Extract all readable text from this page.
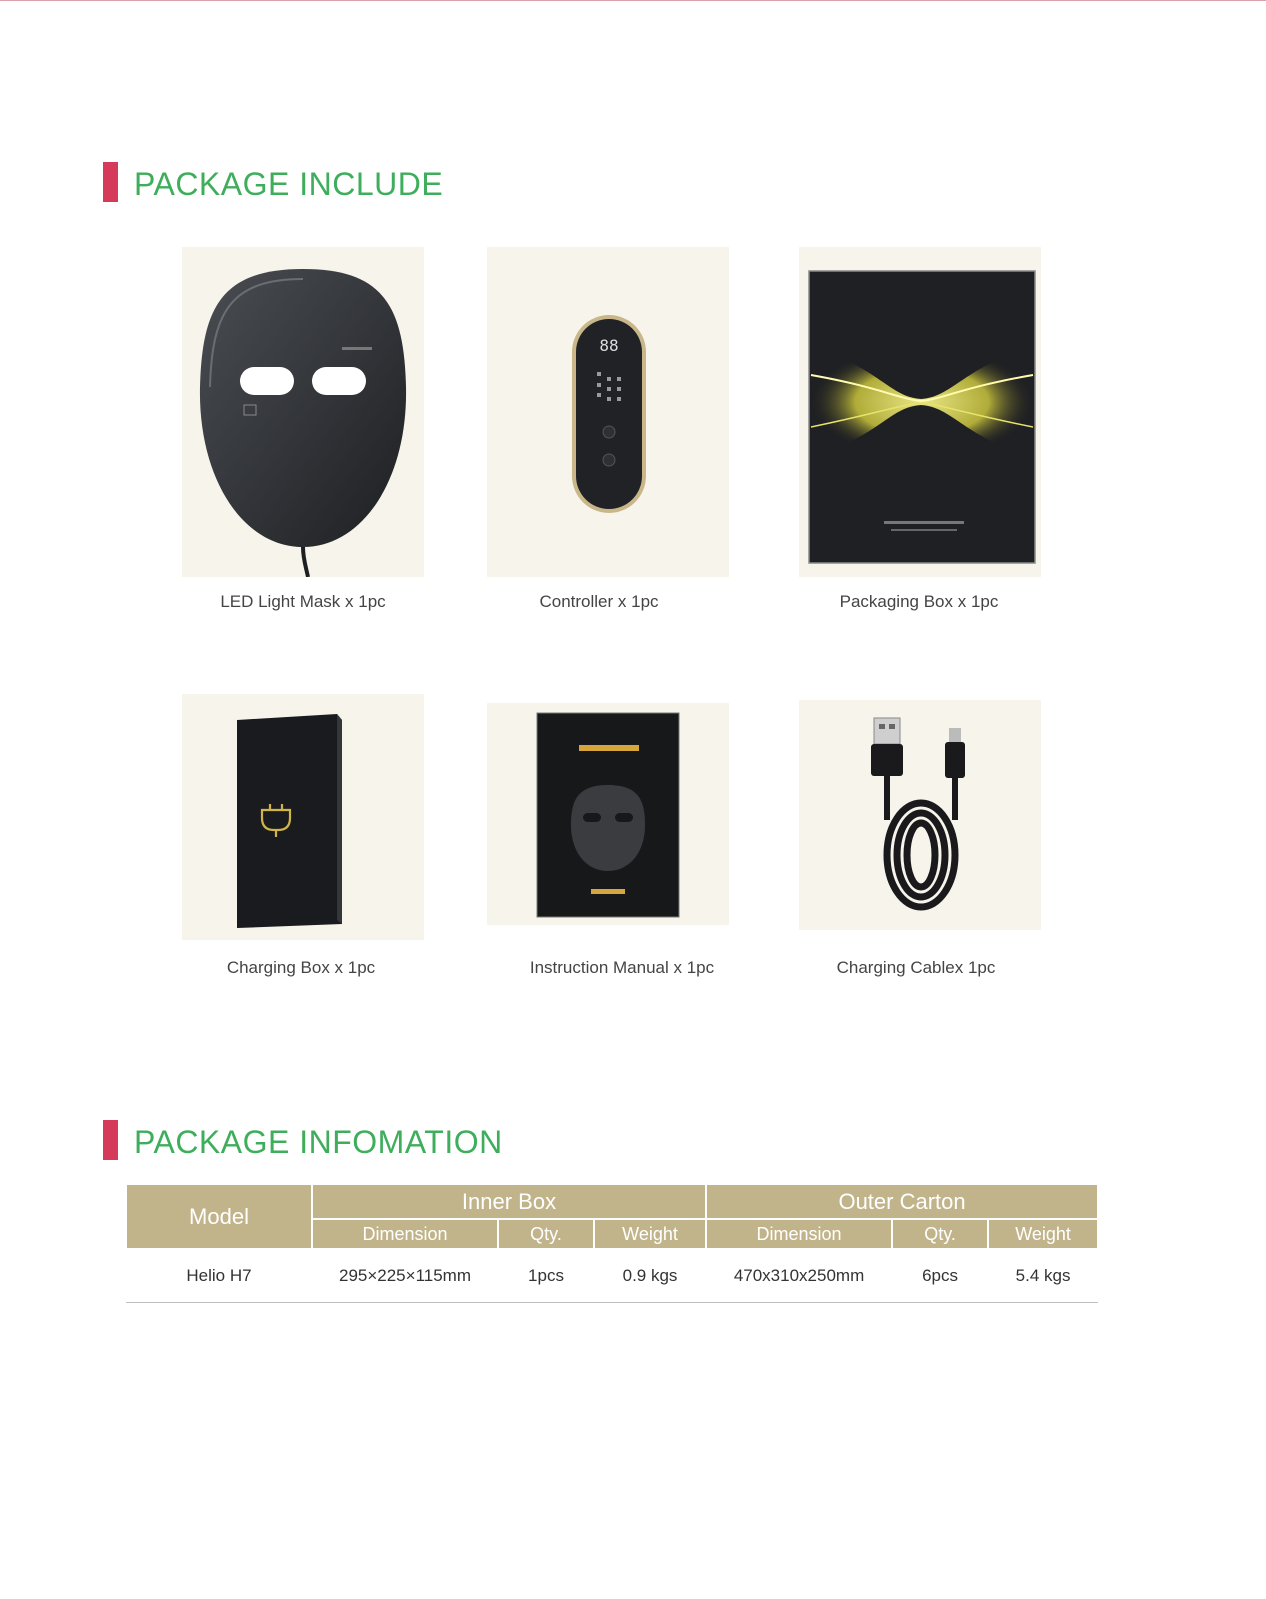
PACKAGE INCLUDE
LED Light Mask x 1pc
88
Controller x 1pc	Packaging Box x 1pc
Charging Box x 1pc	Instruction Manual x 1pc	Charging Cablex 1pc
PACKAGE INFOMATION
Model	Inner Box			Outer Carton		
	Dimension	Qty.	Weight	Dimension	Qty.	Weight
Helio H7	295×225×115mm	1pcs	0.9 kgs	470x310x250mm	6pcs	5.4 kgs
